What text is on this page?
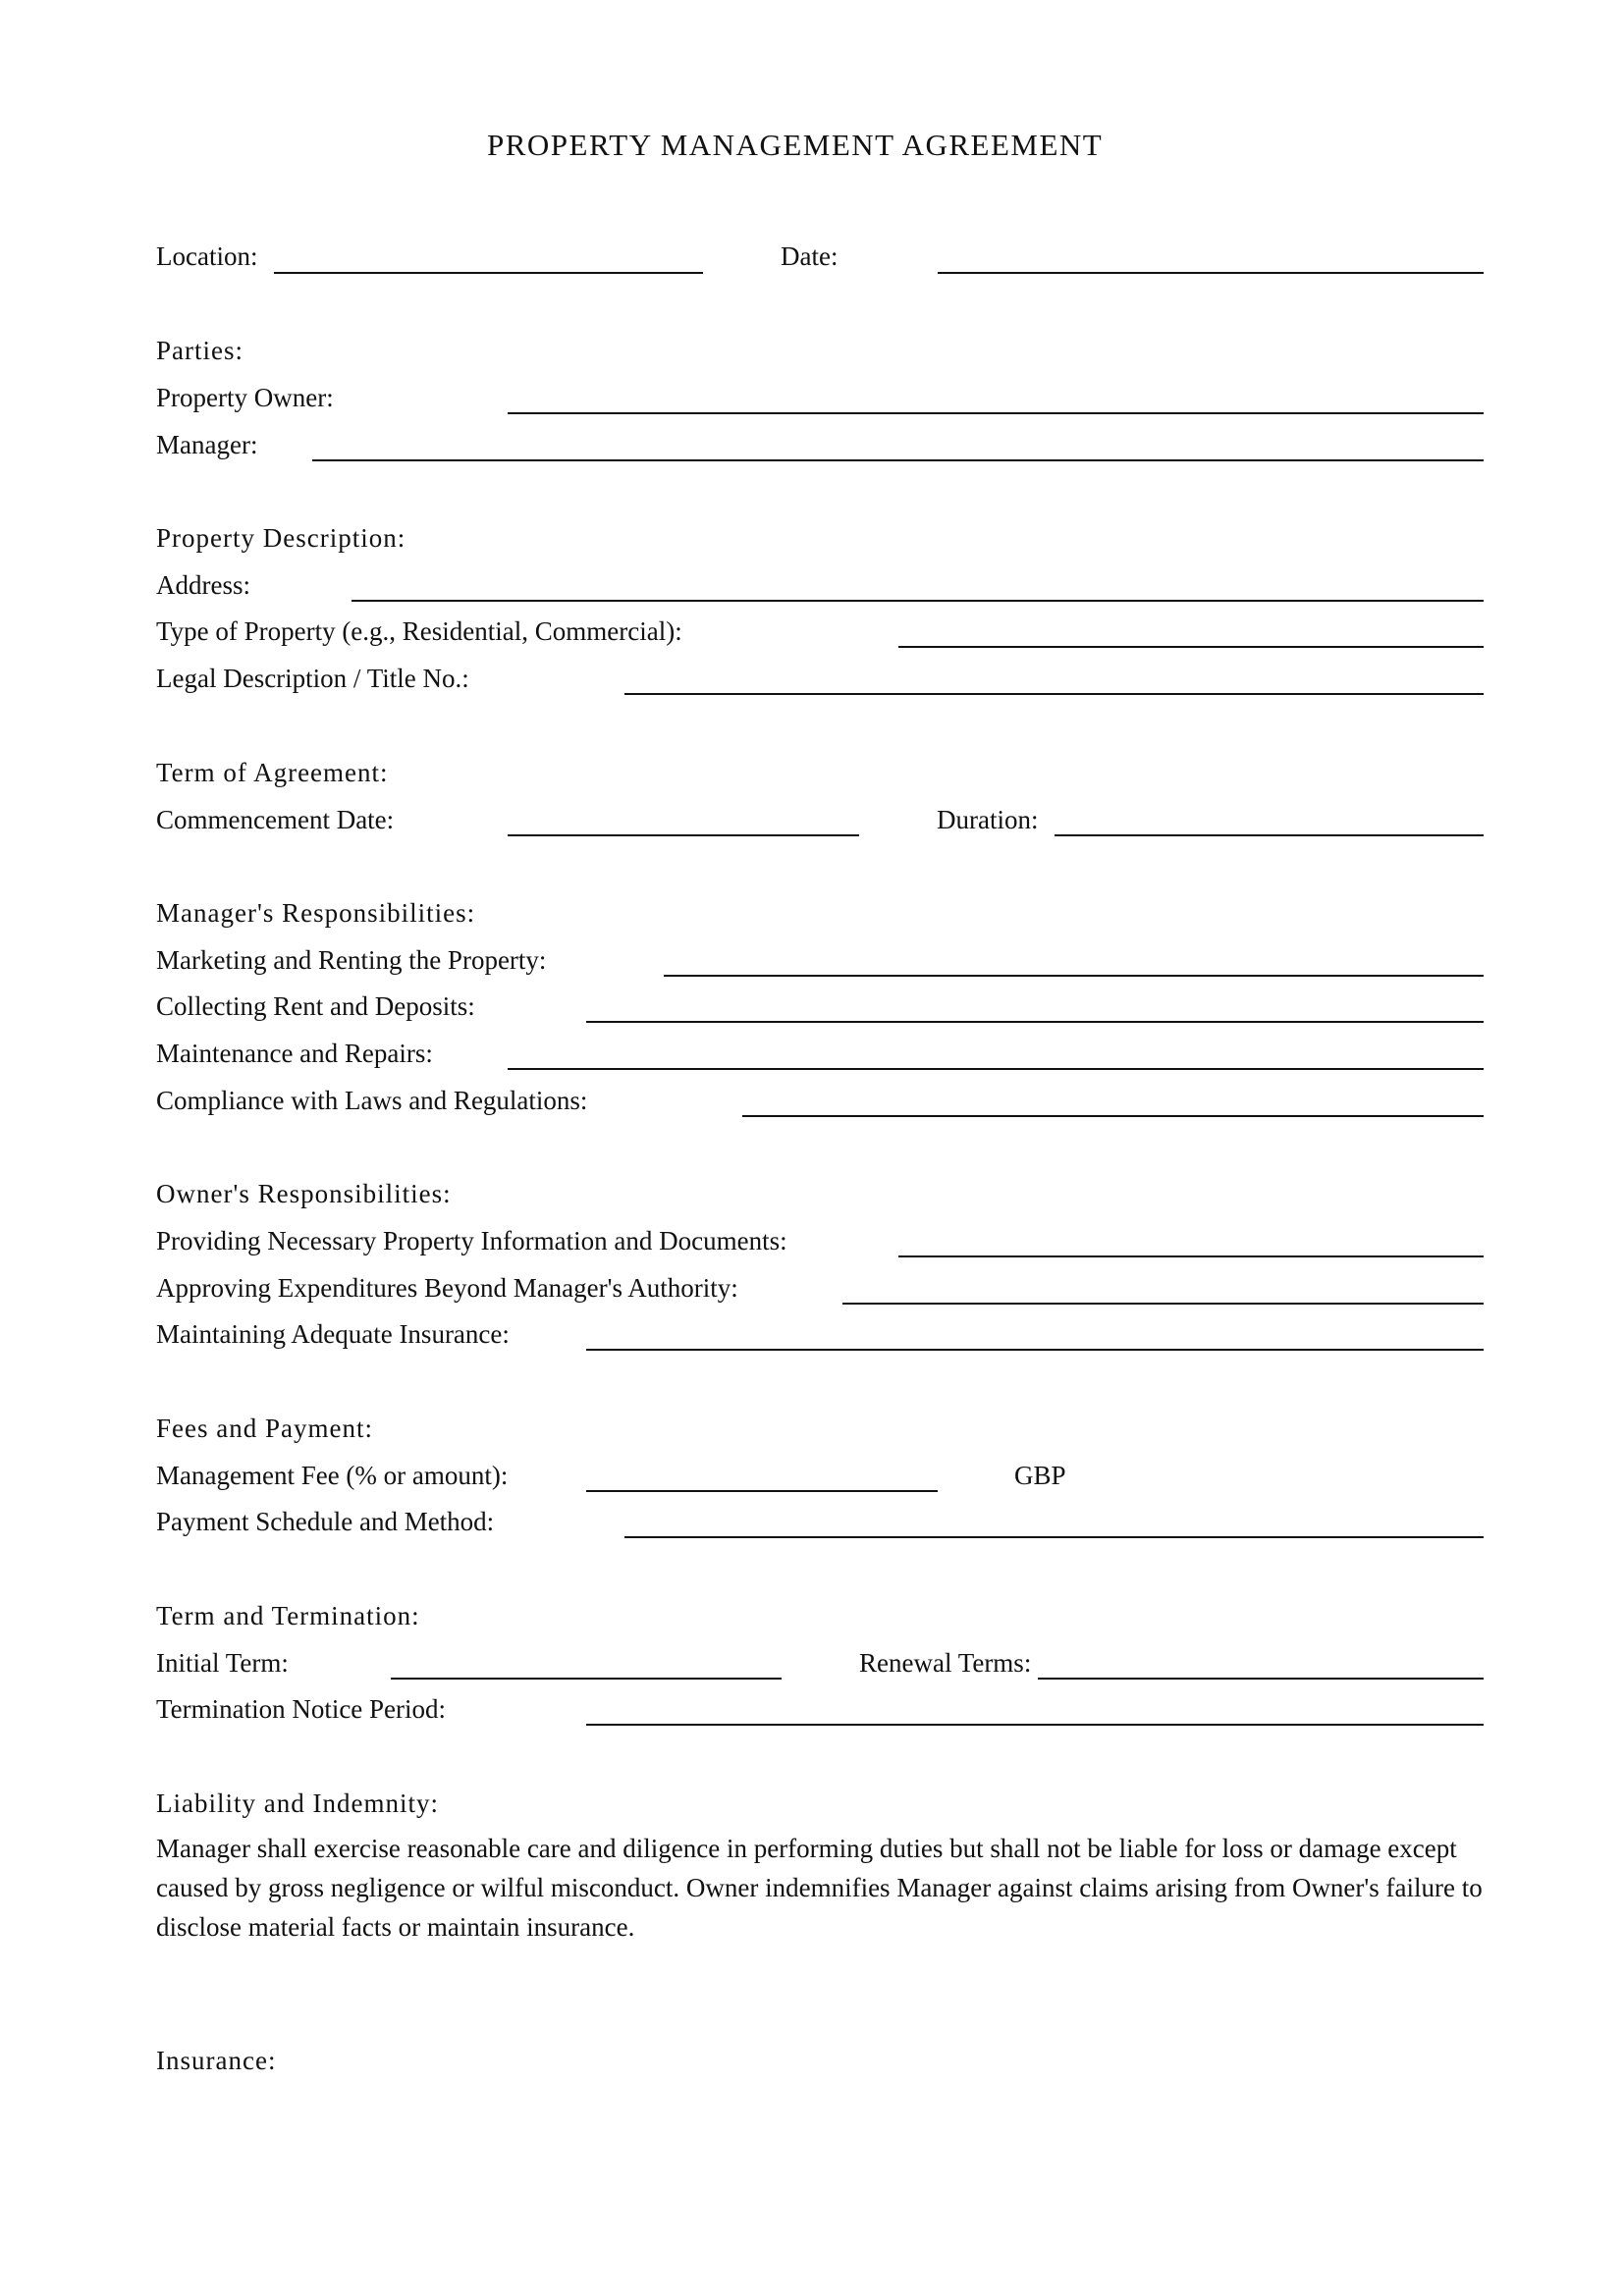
PROPERTY MANAGEMENT AGREEMENT
Location:	Date:
Parties:
Property Owner:
Manager:
Property Description:
Address:
Type of Property (e.g., Residential, Commercial):
Legal Description / Title No.:
Term of Agreement:
Commencement Date:	Duration:
Manager's Responsibilities:
Marketing and Renting the Property:
Collecting Rent and Deposits:
Maintenance and Repairs:
Compliance with Laws and Regulations:
Owner's Responsibilities:
Providing Necessary Property Information and Documents:
Approving Expenditures Beyond Manager's Authority:
Maintaining Adequate Insurance:
Fees and Payment:
Management Fee (% or amount):	GBP
Payment Schedule and Method:
Term and Termination:
Initial Term:	Renewal Terms:
Termination Notice Period:
Liability and Indemnity:
Manager shall exercise reasonable care and diligence in performing duties but shall not be liable for loss or damage except caused by gross negligence or wilful misconduct. Owner indemnifies Manager against claims arising from Owner's failure to disclose material facts or maintain insurance.
Insurance:
